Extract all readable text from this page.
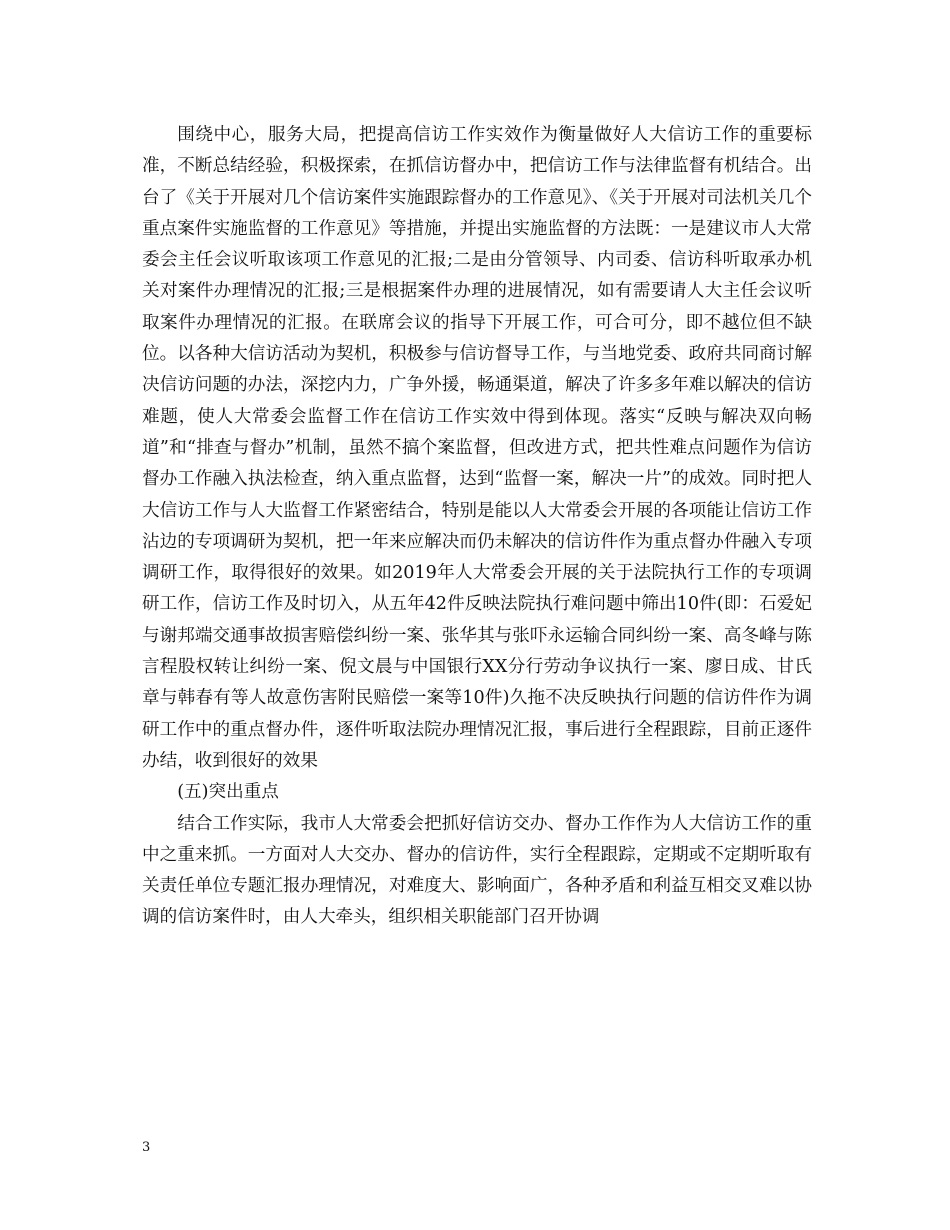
围绕中心，服务大局，把提高信访工作实效作为衡量做好人大信访工作的重要标准，不断总结经验，积极探索，在抓信访督办中，把信访工作与法律监督有机结合。出台了《关于开展对几个信访案件实施跟踪督办的工作意见》、《关于开展对司法机关几个重点案件实施监督的工作意见》等措施，并提出实施监督的方法既：一是建议市人大常委会主任会议听取该项工作意见的汇报;二是由分管领导、内司委、信访科听取承办机关对案件办理情况的汇报;三是根据案件办理的进展情况，如有需要请人大主任会议听取案件办理情况的汇报。在联席会议的指导下开展工作，可合可分，即不越位但不缺位。以各种大信访活动为契机，积极参与信访督导工作，与当地党委、政府共同商讨解决信访问题的办法，深挖内力，广争外援，畅通渠道，解决了许多多年难以解决的信访难题，使人大常委会监督工作在信访工作实效中得到体现。落实“反映与解决双向畅道”和“排查与督办”机制，虽然不搞个案监督，但改进方式，把共性难点问题作为信访督办工作融入执法检查，纳入重点监督，达到“监督一案，解决一片”的成效。同时把人大信访工作与人大监督工作紧密结合，特别是能以人大常委会开展的各项能让信访工作沾边的专项调研为契机，把一年来应解决而仍未解决的信访件作为重点督办件融入专项调研工作，取得很好的效果。如2019年人大常委会开展的关于法院执行工作的专项调研工作，信访工作及时切入，从五年42件反映法院执行难问题中筛出10件(即：石爱妃与谢邦端交通事故损害赔偿纠纷一案、张华其与张吓永运输合同纠纷一案、高冬峰与陈言程股权转让纠纷一案、倪文晨与中国银行XX分行劳动争议执行一案、廖日成、甘氏章与韩春有等人故意伤害附民赔偿一案等10件)久拖不决反映执行问题的信访件作为调研工作中的重点督办件，逐件听取法院办理情况汇报，事后进行全程跟踪，目前正逐件办结，收到很好的效果

(五)突出重点

结合工作实际，我市人大常委会把抓好信访交办、督办工作作为人大信访工作的重中之重来抓。一方面对人大交办、督办的信访件，实行全程跟踪，定期或不定期听取有关责任单位专题汇报办理情况，对难度大、影响面广，各种矛盾和利益互相交叉难以协调的信访案件时，由人大牵头，组织相关职能部门召开协调

3
